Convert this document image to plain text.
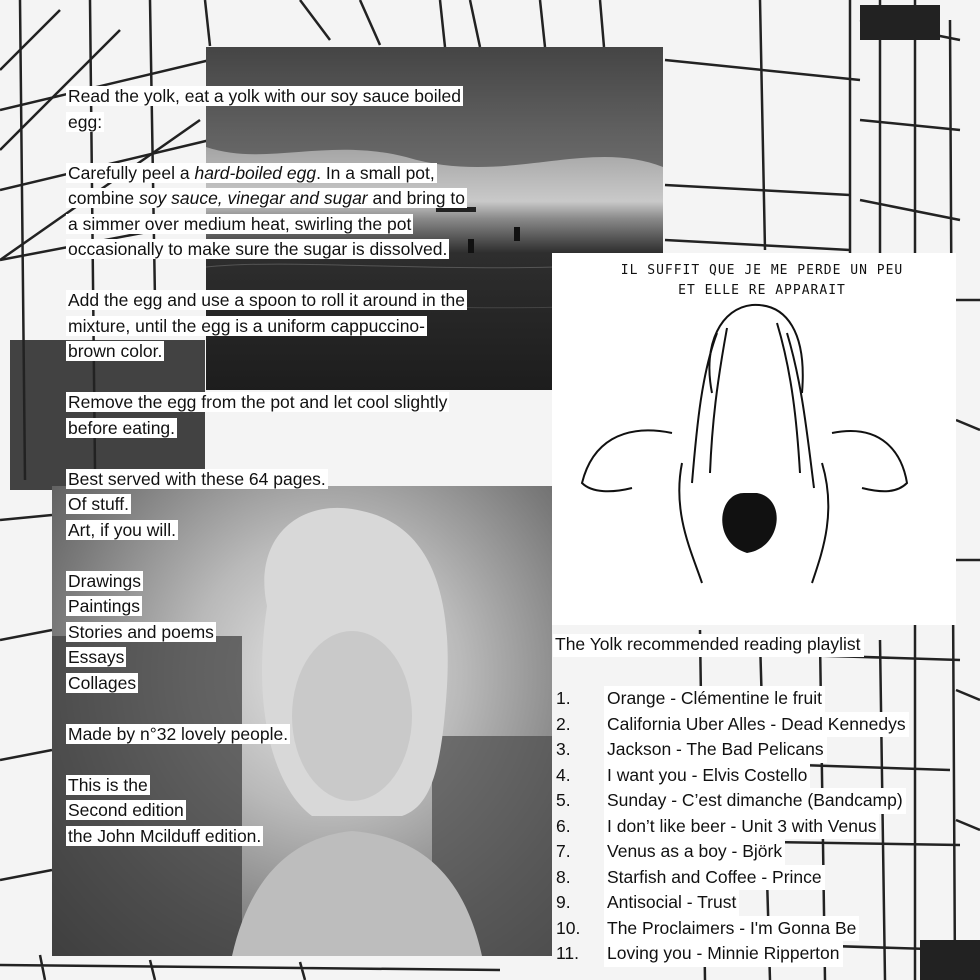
IL SUFFIT QUE JE ME PERDE UN PEU
ET ELLE RE APPARAIT

Read the yolk, eat a yolk with our soy sauce boiled egg:

Carefully peel a hard-boiled egg. In a small pot, combine soy sauce, vinegar and sugar and bring to a simmer over medium heat, swirling the pot occasionally to make sure the sugar is dissolved.

Add the egg and use a spoon to roll it around in the mixture, until the egg is a uniform cappuccino-brown color.

Remove the egg from the pot and let cool slightly before eating.

Best served with these 64 pages.
Of stuff.
Art, if you will.

Drawings
Paintings
Stories and poems
Essays
Collages

Made by n°32 lovely people.

This is the
Second edition
the John Mcilduff edition.

The Yolk recommended reading playlist
1.	Orange - Clémentine le fruit
2.	California Uber Alles - Dead Kennedys
3.	Jackson - The Bad Pelicans
4.	I want you - Elvis Costello
5.	Sunday - C’est dimanche (Bandcamp)
6.	I don’t like beer - Unit 3 with Venus
7.	Venus as a boy - Bjӧrk
8.	Starfish and Coffee - Prince
9.	Antisocial - Trust
10.	The Proclaimers - I'm Gonna Be
11.	Loving you - Minnie Ripperton
